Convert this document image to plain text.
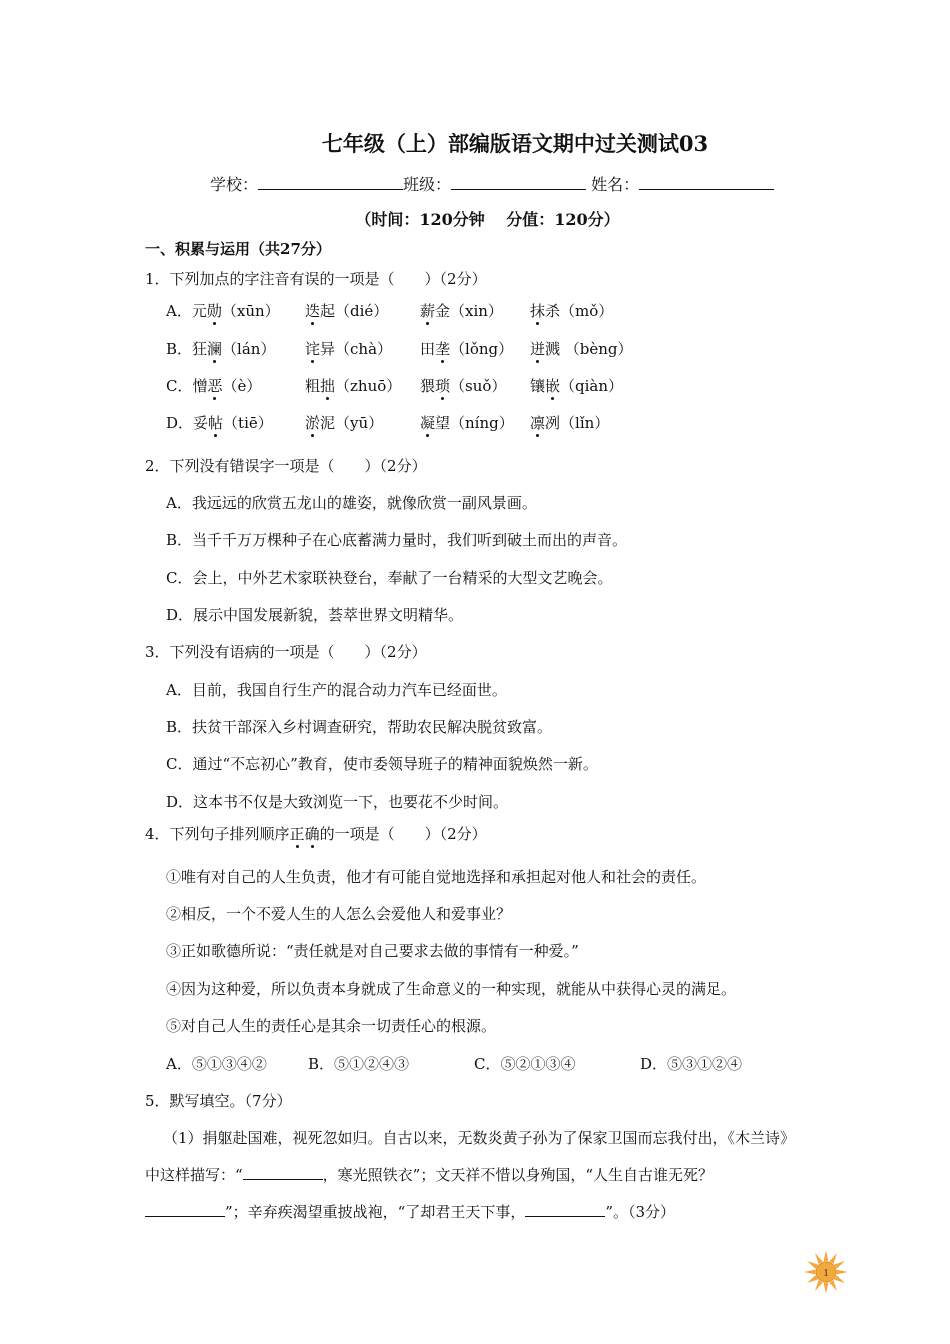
七年级（上）部编版语文期中过关测试03
学校：	班级：	姓名：
（时间：120分钟　 分值：120分）
一、积累与运用（共27分）
1．下列加点的字注音有误的一项是（　　）（2分）
A．元勋（xūn） 迭起（dié） 薪金（xin） 抹杀（mǒ）
B．狂澜（lán） 诧异（chà） 田垄（lǒng） 迸溅 （bèng）
C．憎恶（è）	粗拙（zhuō） 猥琐（suǒ） 镶嵌（qiàn）
D．妥帖（tiē） 淤泥（yū） 凝望（níng） 凛冽（lǐn）
2．下列没有错误字一项是（　　）（2分）
A．我远远的欣赏五龙山的雄姿，就像欣赏一副风景画。
B．当千千万万棵种子在心底蓄满力量时，我们听到破土而出的声音。
C．会上，中外艺术家联袂登台，奉献了一台精采的大型文艺晚会。
D．展示中国发展新貌，荟萃世界文明精华。
3．下列没有语病的一项是（　　）（2分）
A．目前，我国自行生产的混合动力汽车已经面世。
B．扶贫干部深入乡村调查研究，帮助农民解决脱贫致富。
C．通过“不忘初心”教育，使市委领导班子的精神面貌焕然一新。
D．这本书不仅是大致浏览一下，也要花不少时间。
4．下列句子排列顺序正确的一项是（　　）（2分）
①唯有对自己的人生负责，他才有可能自觉地选择和承担起对他人和社会的责任。
②相反，一个不爱人生的人怎么会爱他人和爱事业？
③正如歌德所说：“责任就是对自己要求去做的事情有一种爱。”
④因为这种爱，所以负责本身就成了生命意义的一种实现，就能从中获得心灵的满足。
⑤对自己人生的责任心是其余一切责任心的根源。
A．⑤①③④②	B．⑤①②④③	C．⑤②①③④	D．⑤③①②④
5．默写填空。（7分）
（1）捐躯赴国难，视死忽如归。自古以来，无数炎黄子孙为了保家卫国而忘我付出，《木兰诗》中这样描写：“	，寒光照铁衣”；文天祥不惜以身殉国，“人生自古谁无死？
”；辛弃疾渴望重披战袍，“了却君王天下事，	”。（3分）
1
